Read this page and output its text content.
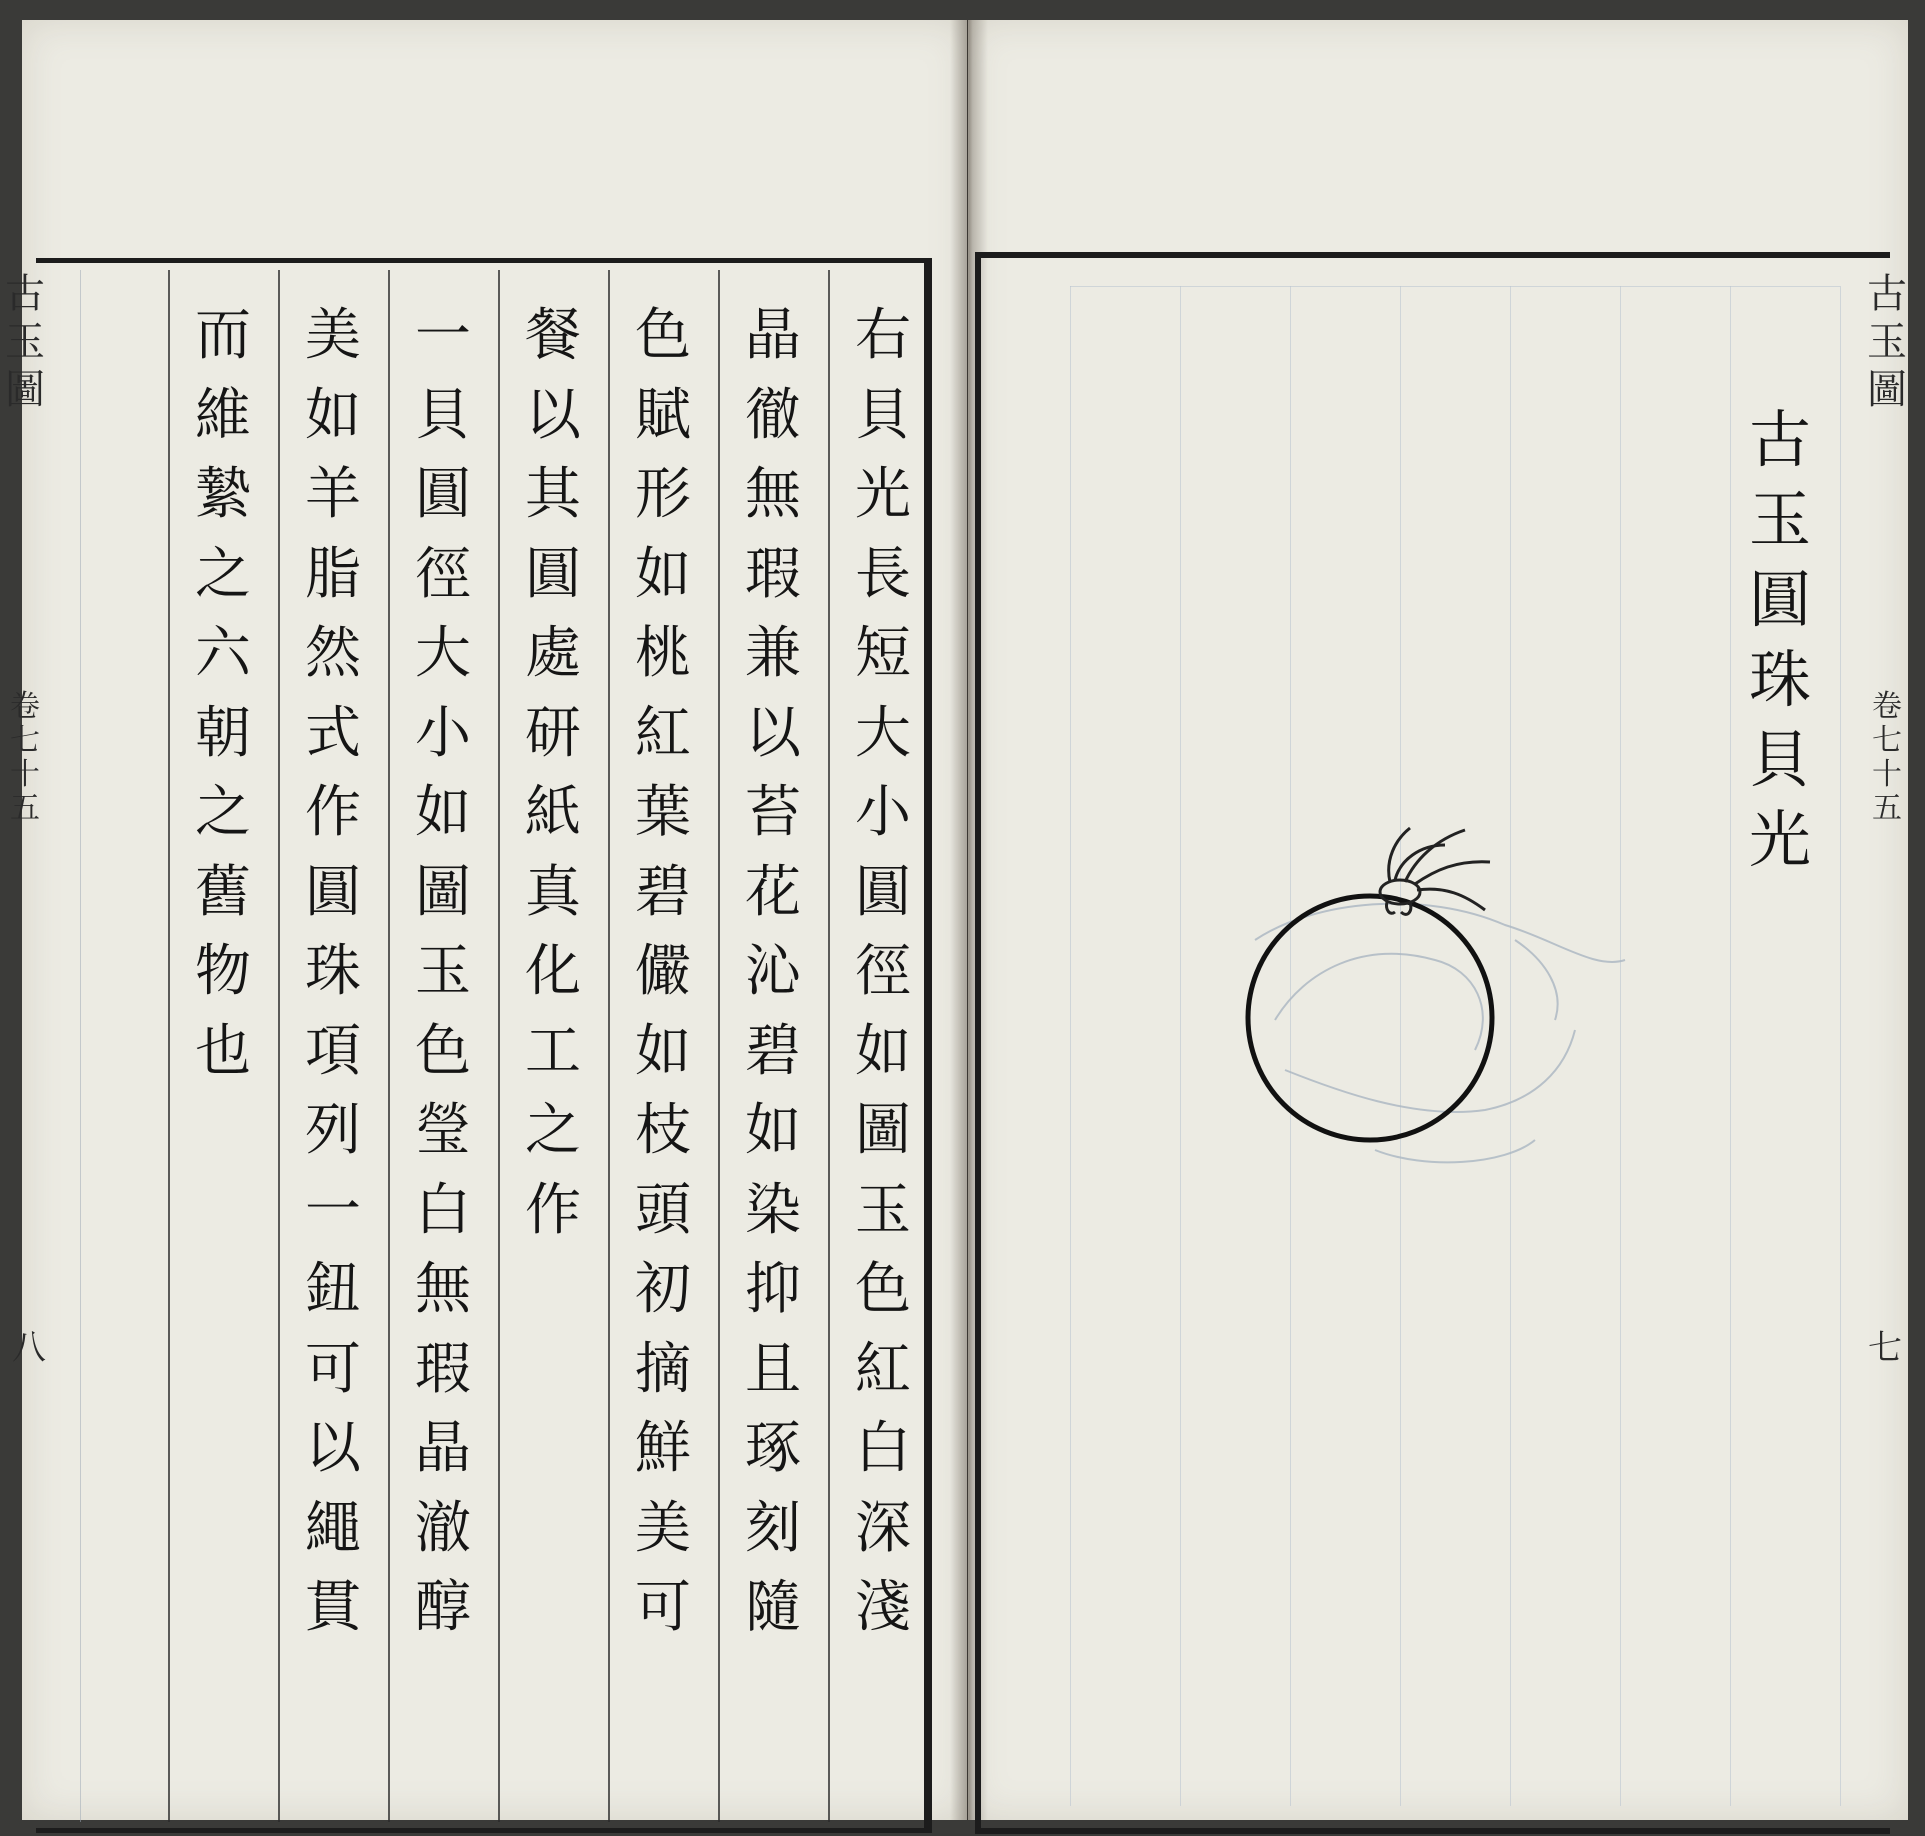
右
貝
光
長
短
大
小
圓
徑
如
圖
玉
色
紅
白
深
淺
晶
徹
無
瑕
兼
以
苔
花
沁
碧
如
染
抑
且
琢
刻
隨
色
賦
形
如
桃
紅
葉
碧
儼
如
枝
頭
初
摘
鮮
美
可
餐
以
其
圓
處
研
紙
真
化
工
之
作
一
貝
圓
徑
大
小
如
圖
玉
色
瑩
白
無
瑕
晶
澈
醇
美
如
羊
脂
然
式
作
圓
珠
項
列
一
鈕
可
以
繩
貫
而
維
縶
之
六
朝
之
舊
物
也
古
玉
圖
卷
七
十
五
八
古
玉
圓
珠
貝
光
古
玉
圖
卷
七
十
五
七
